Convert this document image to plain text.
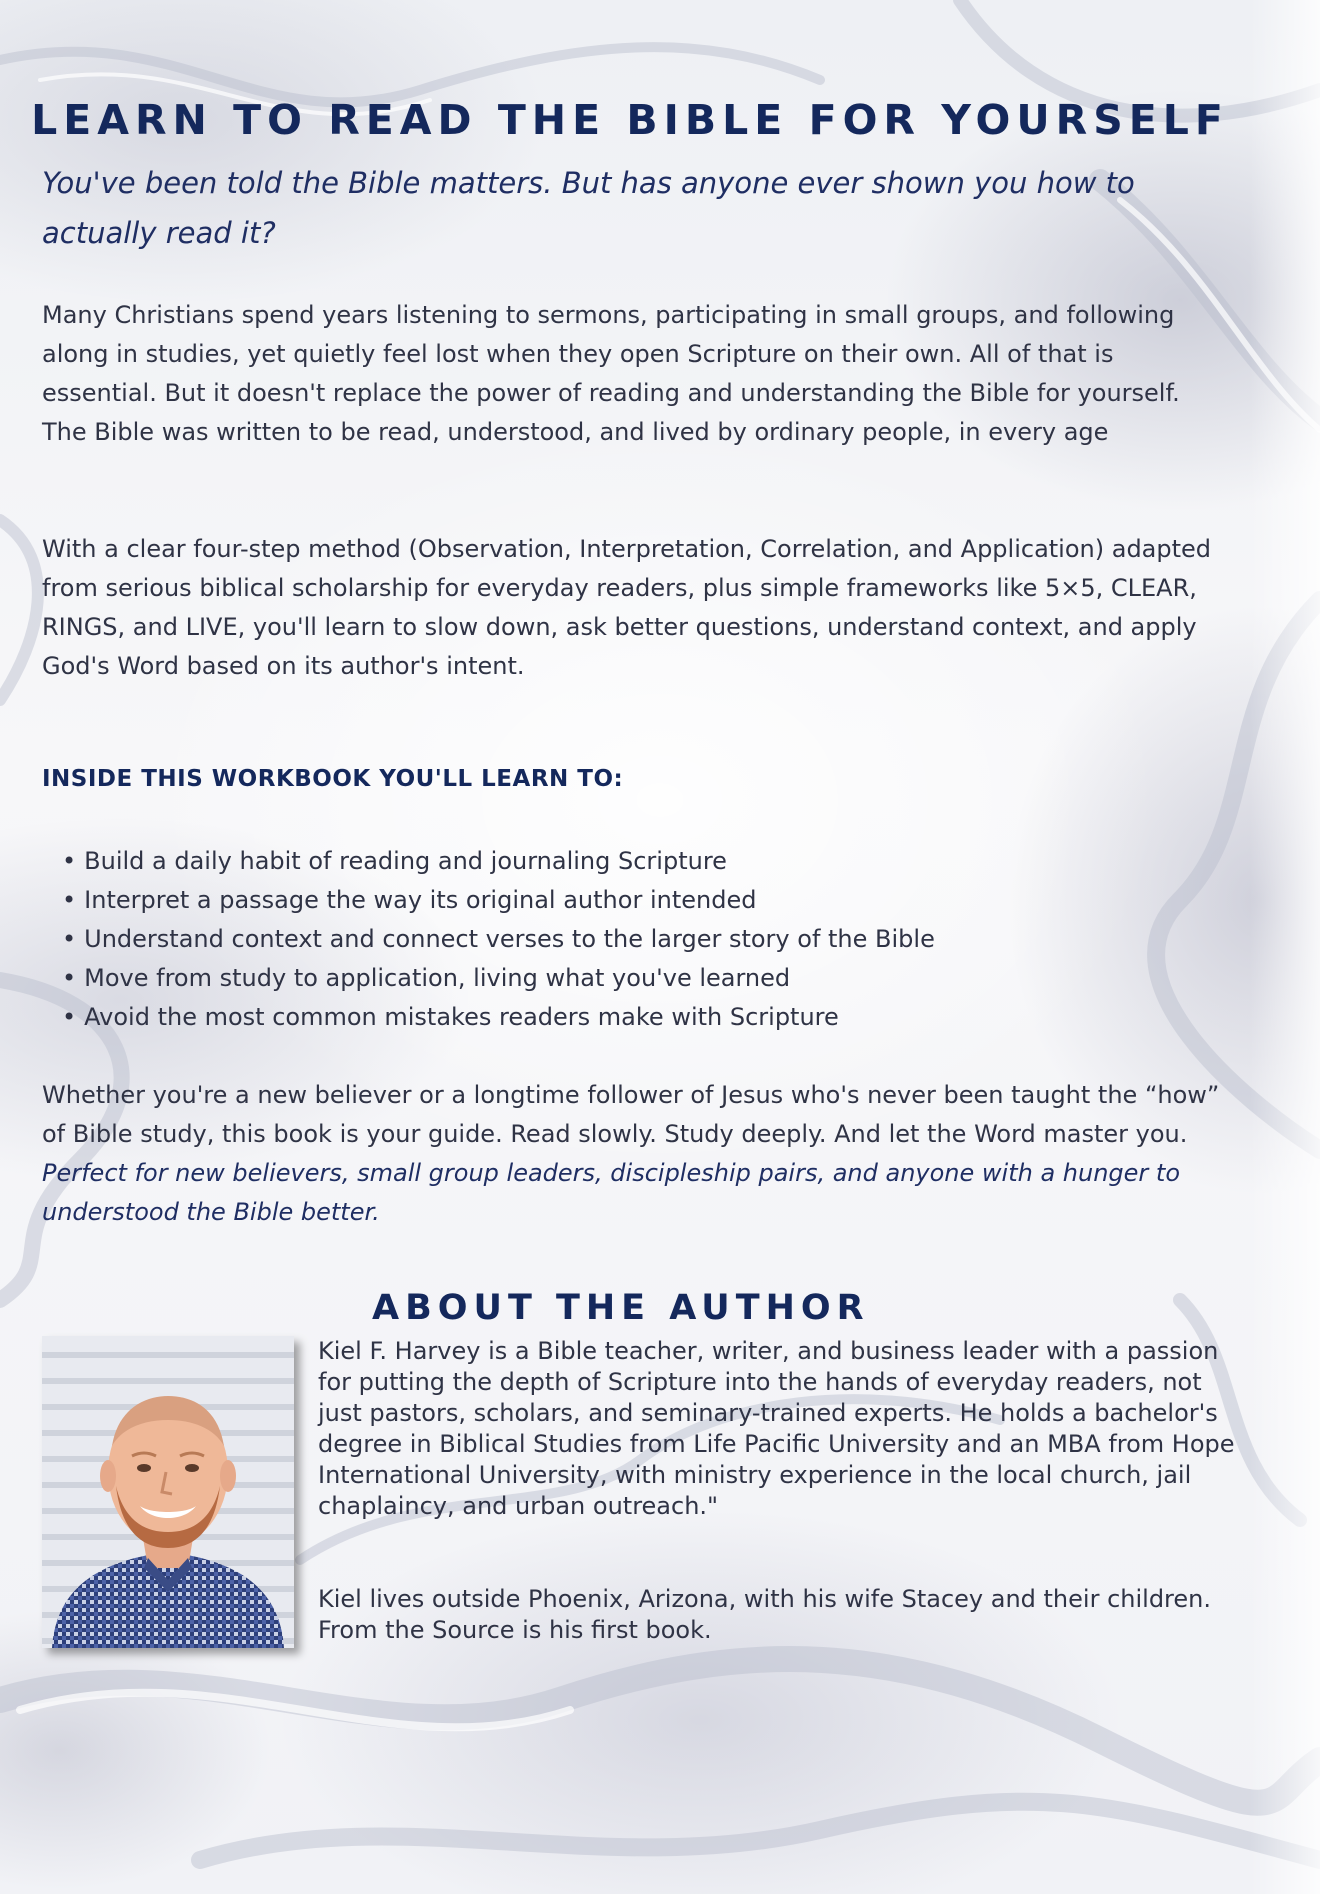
LEARN TO READ THE BIBLE FOR YOURSELF

You've been told the Bible matters. But has anyone ever shown you how to actually read it?

Many Christians spend years listening to sermons, participating in small groups, and following along in studies, yet quietly feel lost when they open Scripture on their own. All of that is essential. But it doesn't replace the power of reading and understanding the Bible for yourself. The Bible was written to be read, understood, and lived by ordinary people, in every age

With a clear four-step method (Observation, Interpretation, Correlation, and Application) adapted from serious biblical scholarship for everyday readers, plus simple frameworks like 5×5, CLEAR, RINGS, and LIVE, you'll learn to slow down, ask better questions, understand context, and apply God's Word based on its author's intent.

INSIDE THIS WORKBOOK YOU'LL LEARN TO:
• Build a daily habit of reading and journaling Scripture
• Interpret a passage the way its original author intended
• Understand context and connect verses to the larger story of the Bible
• Move from study to application, living what you've learned
• Avoid the most common mistakes readers make with Scripture

Whether you're a new believer or a longtime follower of Jesus who's never been taught the “how” of Bible study, this book is your guide. Read slowly. Study deeply. And let the Word master you. Perfect for new believers, small group leaders, discipleship pairs, and anyone with a hunger to understood the Bible better.

ABOUT THE AUTHOR

Kiel F. Harvey is a Bible teacher, writer, and business leader with a passion for putting the depth of Scripture into the hands of everyday readers, not just pastors, scholars, and seminary-trained experts. He holds a bachelor's degree in Biblical Studies from Life Pacific University and an MBA from Hope International University, with ministry experience in the local church, jail chaplaincy, and urban outreach."

Kiel lives outside Phoenix, Arizona, with his wife Stacey and their children. From the Source is his first book.
